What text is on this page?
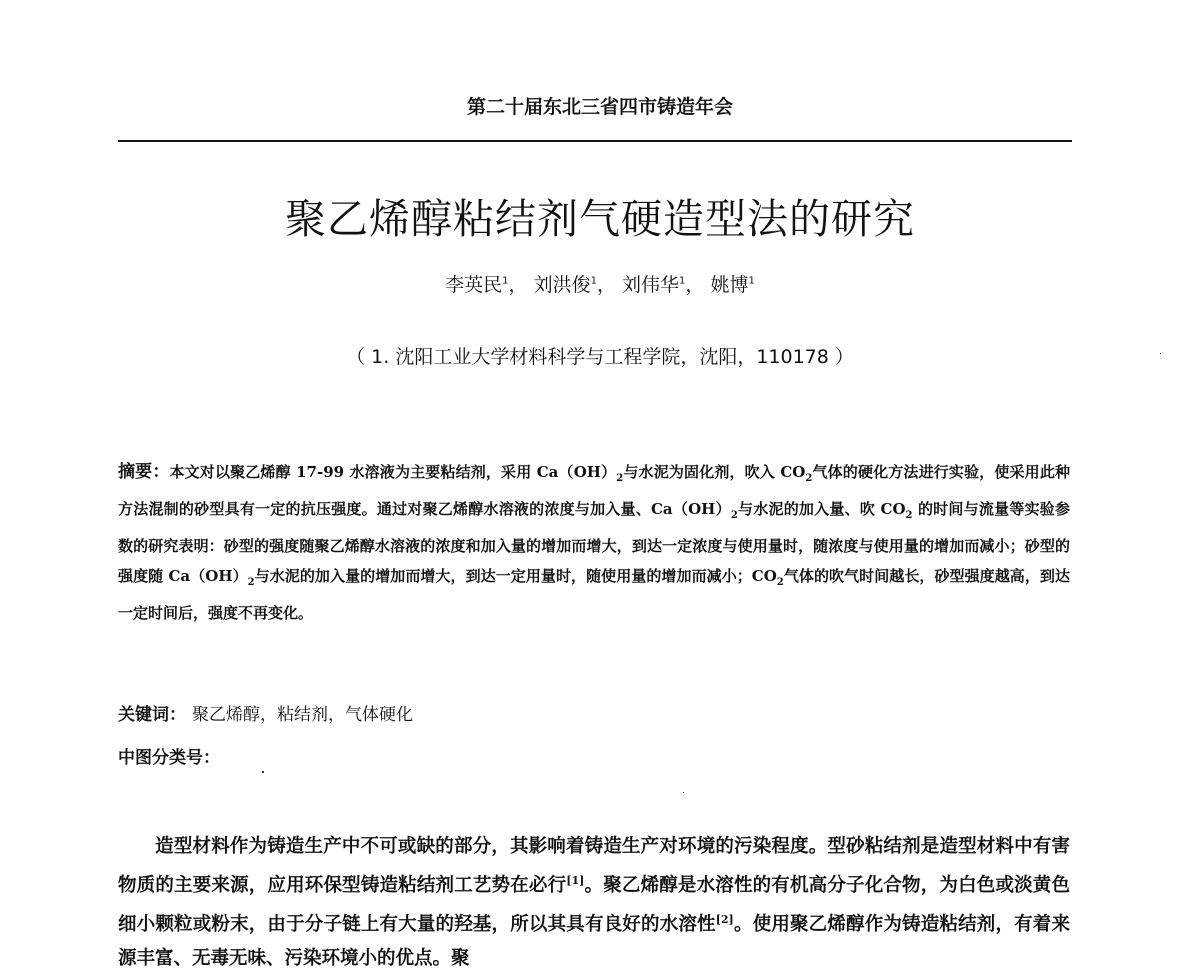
第二十届东北三省四市铸造年会
聚乙烯醇粘结剂气硬造型法的研究
李英民$^1$， 刘洪俊$^1$， 刘伟华$^1$， 姚博$^1$
（ 1. 沈阳工业大学材料科学与工程学院，沈阳，110178 ）
摘要：本文对以聚乙烯醇 17-99 水溶液为主要粘结剂，采用 $Ca(OH)_2$与水泥为固化剂，吹入 $CO_2$气体的硬化方法进行实验，使采用此种方法混制的砂型具有一定的抗压强度。通过对聚乙烯醇水溶液的浓度与加入量、$Ca(OH)_2$与水泥的加入量、吹 $CO_2$ 的时间与流量等实验参数的研究表明：砂型的强度随聚乙烯醇水溶液的浓度和加入量的增加而增大，到达一定浓度与使用量时，随浓度与使用量的增加而减小；砂型的强度随 $Ca(OH)_2$与水泥的加入量的增加而增大，到达一定用量时，随使用量的增加而减小；$CO_2$气体的吹气时间越长，砂型强度越高，到达一定时间后，强度不再变化。
关键词： 聚乙烯醇，粘结剂，气体硬化
中图分类号：
造型材料作为铸造生产中不可或缺的部分，其影响着铸造生产对环境的污染程度。型砂粘结剂是造型材料中有害物质的主要来源，应用环保型铸造粘结剂工艺势在必行[1]。聚乙烯醇是水溶性的有机高分子化合物，为白色或淡黄色细小颗粒或粉末，由于分子链上有大量的羟基，所以其具有良好的水溶性[2]。使用聚乙烯醇作为铸造粘结剂，有着来源丰富、无毒无味、污染环境小的优点。聚
